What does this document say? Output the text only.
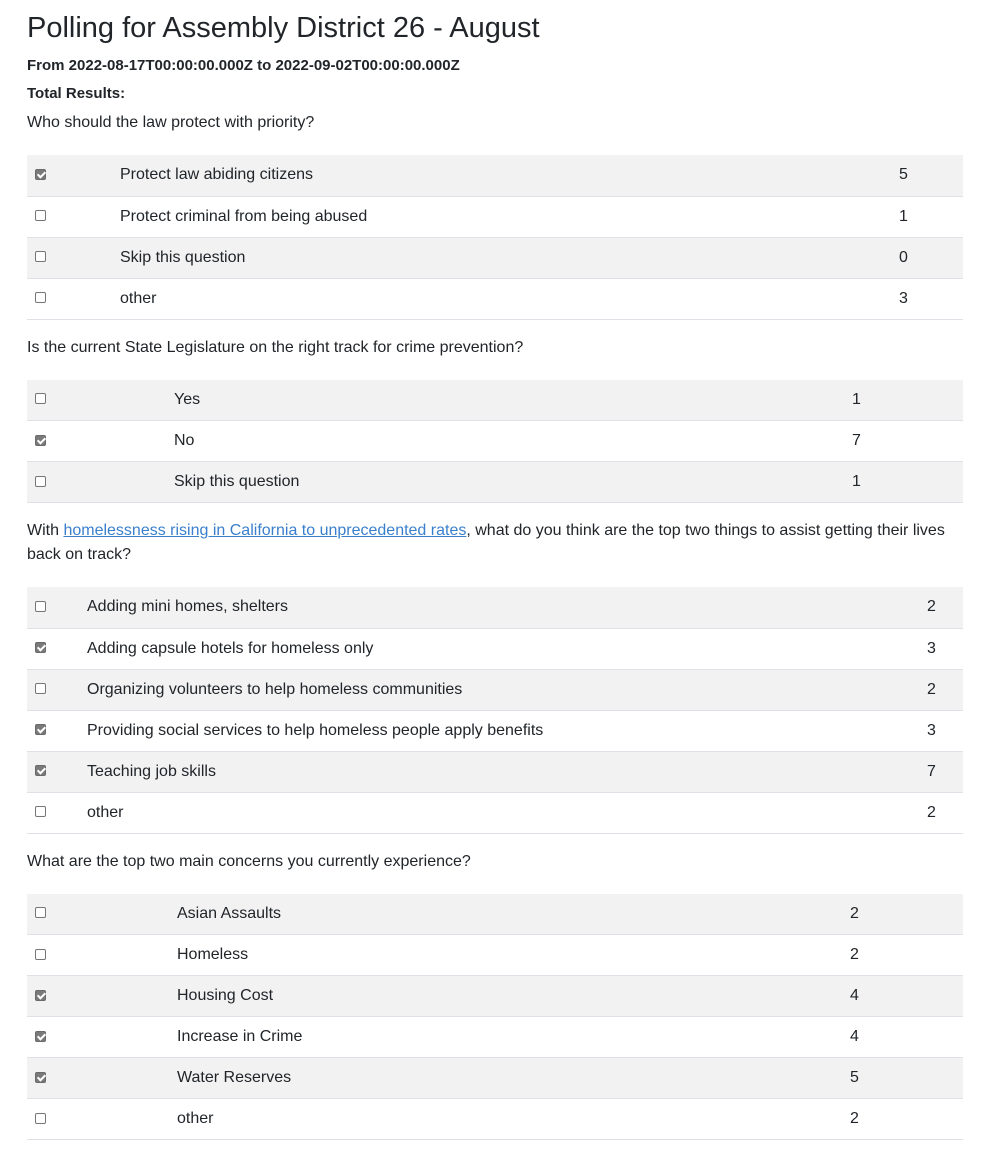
Polling for Assembly District 26 - August
From 2022-08-17T00:00:00.000Z to 2022-09-02T00:00:00.000Z
Total Results:
Who should the law protect with priority?
		Protect law abiding citizens	5

		Protect criminal from being abused	1

		Skip this question	0

		other	3
Is the current State Legislature on the right track for crime prevention?
		Yes	1

		No	7

		Skip this question	1
With homelessness rising in California to unprecedented rates, what do you think are the top two things to assist getting their lives back on track?
		Adding mini homes, shelters	2

		Adding capsule hotels for homeless only	3

		Organizing volunteers to help homeless communities	2

		Providing social services to help homeless people apply benefits	3

		Teaching job skills	7

		other	2
What are the top two main concerns you currently experience?
		Asian Assaults	2

		Homeless	2

		Housing Cost	4

		Increase in Crime	4

		Water Reserves	5

		other	2
